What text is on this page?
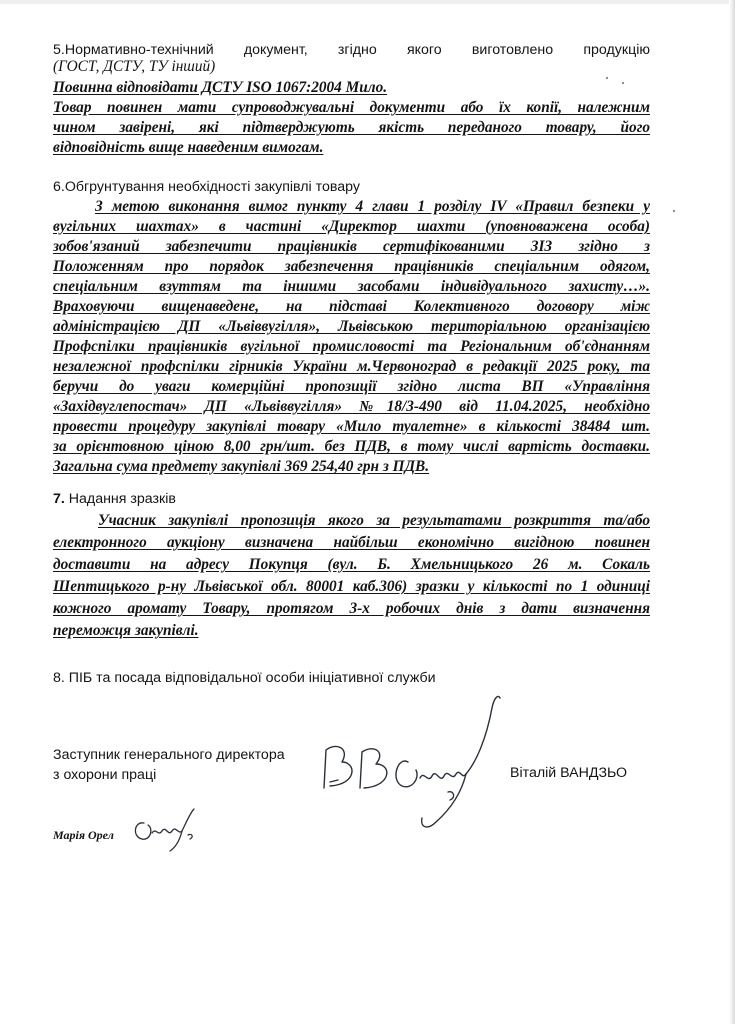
5.Нормативно-технічний документ, згідно якого виготовлено продукцію
(ГОСТ, ДСТУ, ТУ інший)
Повинна відповідати ДСТУ ISO 1067:2004 Мило.
Товар повинен мати супроводжувальні документи або їх копії, належним
чином завірені, які підтверджують якість переданого товару, його
відповідність вище наведеним вимогам.
6.Обгрунтування необхідності закупівлі товару
З метою виконання вимог пункту 4 глави 1 розділу IV «Правил безпеки у
вугільних шахтах» в частині «Директор шахти (уповноважена особа)
зобов'язаний забезпечити працівників сертифікованими ЗІЗ згідно з
Положенням про порядок забезпечення працівників спеціальним одягом,
спеціальним взуттям та іншими засобами індивідуального захисту…».
Враховуючи вищенаведене, на підставі Колективного договору між
адміністрацією ДП «Львіввугілля», Львівською територіальною організацією
Профспілки працівників вугільної промисловості та Регіональним об'єднанням
незалежної профспілки гірників України м.Червоноград в редакції 2025 року, та
беручи до уваги комерційні пропозиції згідно листа ВП «Управління
«Західвуглепостач» ДП «Львіввугілля» №18/3-490 від 11.04.2025, необхідно
провести процедуру закупівлі товару «Мило туалетне» в кількості 38484 шт.
за орієнтовною ціною 8,00 грн/шт. без ПДВ, в тому числі вартість доставки.
Загальна сума предмету закупівлі 369 254,40 грн з ПДВ.
7. Надання зразків
Учасник закупівлі пропозиція якого за результатами розкриття та/або
електронного аукціону визначена найбільш економічно вигідною повинен
доставити на адресу Покупця (вул. Б. Хмельницького 26 м. Сокаль
Шептицького р-ну Львівської обл. 80001 каб.306) зразки у кількості по 1 одиниці
кожного аромату Товару, протягом 3-х робочих днів з дати визначення
переможця закупівлі.
8. ПІБ та посада відповідальної особи ініціативної служби
Заступник генерального директора
з охорони праці	Віталій ВАНДЗЬО
Марія Орел
